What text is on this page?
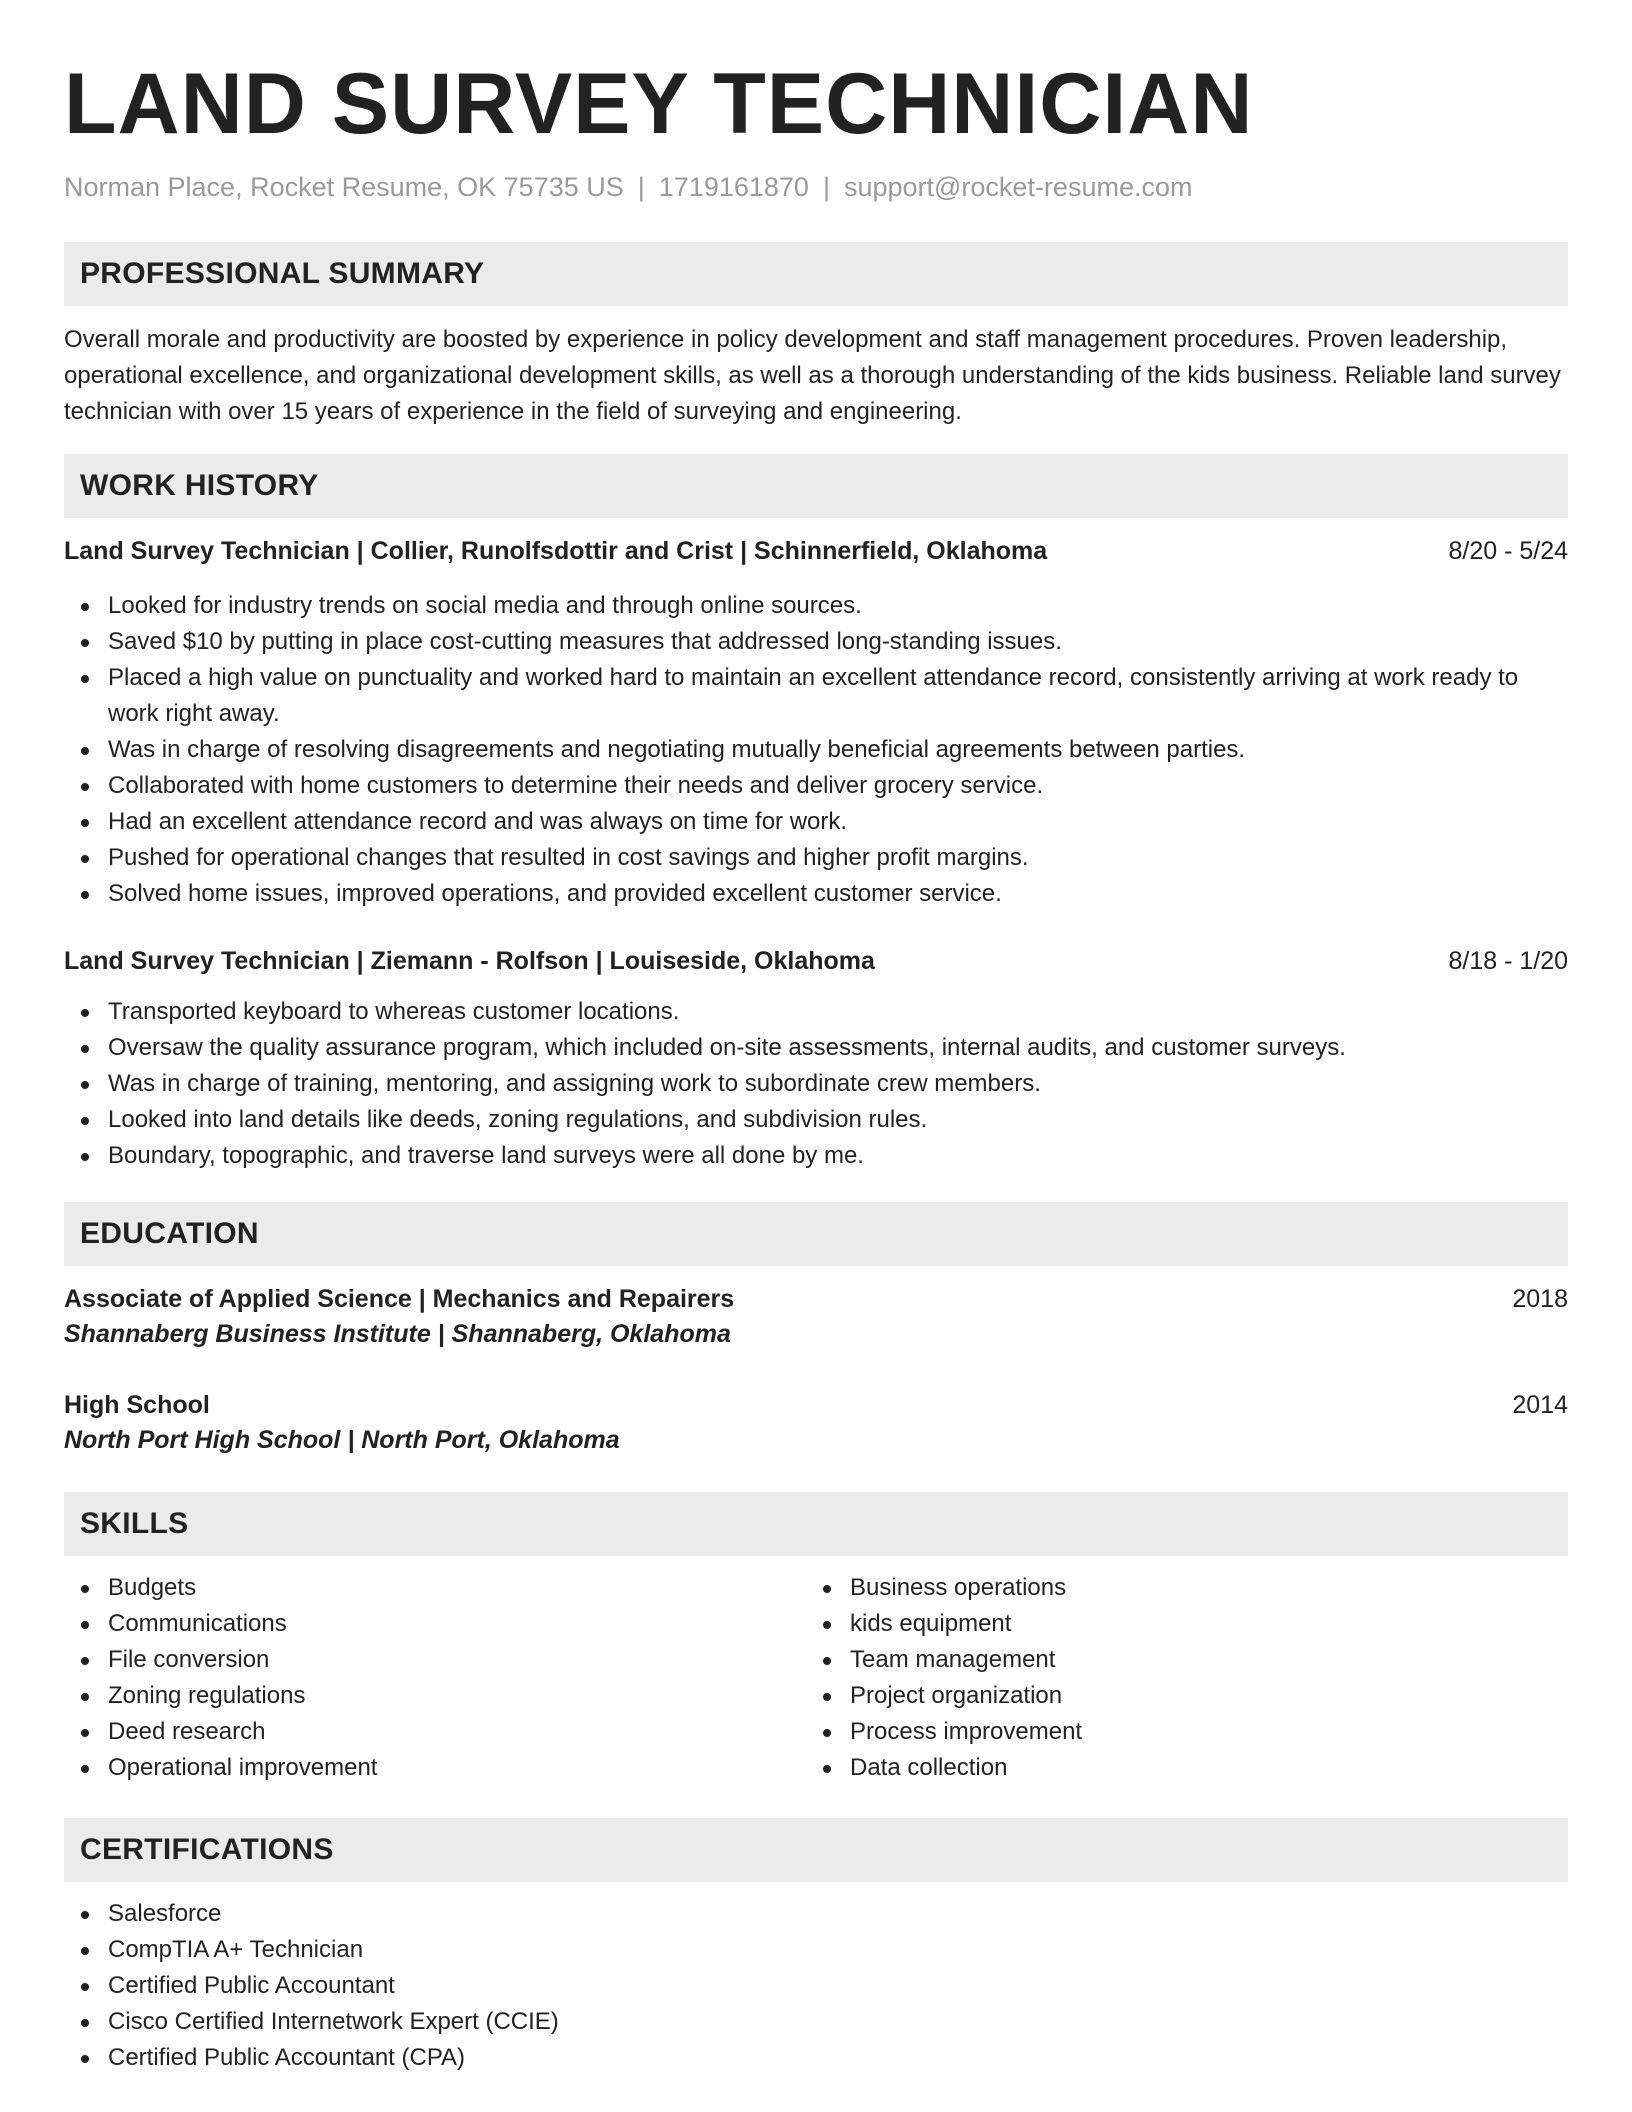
LAND SURVEY TECHNICIAN
Norman Place, Rocket Resume, OK 75735 US | 1719161870 | support@rocket-resume.com
PROFESSIONAL SUMMARY
Overall morale and productivity are boosted by experience in policy development and staff management procedures. Proven leadership, operational excellence, and organizational development skills, as well as a thorough understanding of the kids business. Reliable land survey technician with over 15 years of experience in the field of surveying and engineering.
WORK HISTORY
Land Survey Technician | Collier, Runolfsdottir and Crist | Schinnerfield, Oklahoma	8/20 - 5/24
Looked for industry trends on social media and through online sources.
Saved $10 by putting in place cost-cutting measures that addressed long-standing issues.
Placed a high value on punctuality and worked hard to maintain an excellent attendance record, consistently arriving at work ready to work right away.
Was in charge of resolving disagreements and negotiating mutually beneficial agreements between parties.
Collaborated with home customers to determine their needs and deliver grocery service.
Had an excellent attendance record and was always on time for work.
Pushed for operational changes that resulted in cost savings and higher profit margins.
Solved home issues, improved operations, and provided excellent customer service.
Land Survey Technician | Ziemann - Rolfson | Louiseside, Oklahoma	8/18 - 1/20
Transported keyboard to whereas customer locations.
Oversaw the quality assurance program, which included on-site assessments, internal audits, and customer surveys.
Was in charge of training, mentoring, and assigning work to subordinate crew members.
Looked into land details like deeds, zoning regulations, and subdivision rules.
Boundary, topographic, and traverse land surveys were all done by me.
EDUCATION
Associate of Applied Science | Mechanics and Repairers	2018
Shannaberg Business Institute | Shannaberg, Oklahoma
High School	2014
North Port High School | North Port, Oklahoma
SKILLS
Budgets
Communications
File conversion
Zoning regulations
Deed research
Operational improvement
Business operations
kids equipment
Team management
Project organization
Process improvement
Data collection
CERTIFICATIONS
Salesforce
CompTIA A+ Technician
Certified Public Accountant
Cisco Certified Internetwork Expert (CCIE)
Certified Public Accountant (CPA)
